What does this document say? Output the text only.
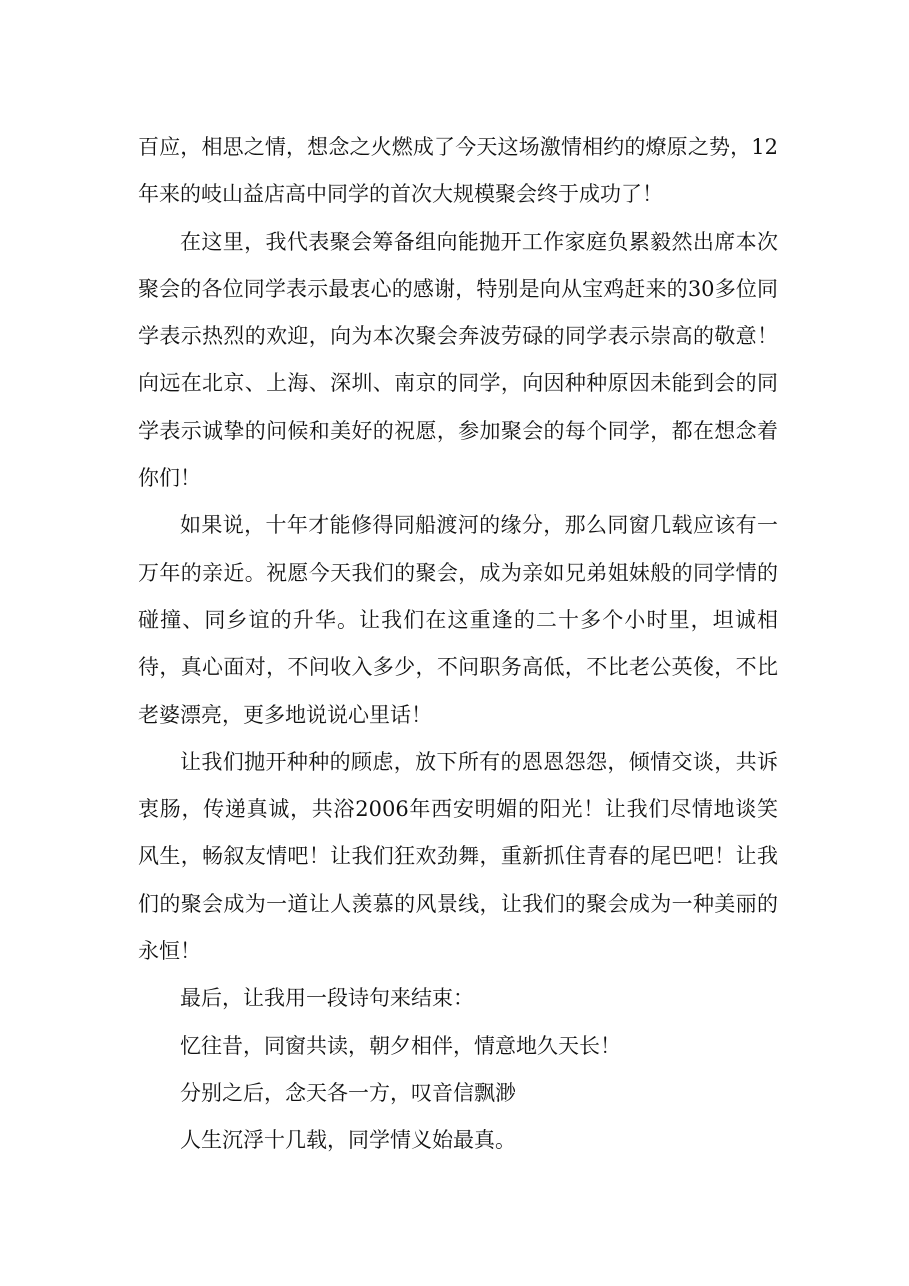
百应，相思之情，想念之火燃成了今天这场激情相约的燎原之势，12年来的岐山益店高中同学的首次大规模聚会终于成功了！

在这里，我代表聚会筹备组向能抛开工作家庭负累毅然出席本次聚会的各位同学表示最衷心的感谢，特别是向从宝鸡赶来的30多位同学表示热烈的欢迎，向为本次聚会奔波劳碌的同学表示崇高的敬意！向远在北京、上海、深圳、南京的同学，向因种种原因未能到会的同学表示诚挚的问候和美好的祝愿，参加聚会的每个同学，都在想念着你们！

如果说，十年才能修得同船渡河的缘分，那么同窗几载应该有一万年的亲近。祝愿今天我们的聚会，成为亲如兄弟姐妹般的同学情的碰撞、同乡谊的升华。让我们在这重逢的二十多个小时里，坦诚相待，真心面对，不问收入多少，不问职务高低，不比老公英俊，不比老婆漂亮，更多地说说心里话！

让我们抛开种种的顾虑，放下所有的恩恩怨怨，倾情交谈，共诉衷肠，传递真诚，共浴2006年西安明媚的阳光！让我们尽情地谈笑风生，畅叙友情吧！让我们狂欢劲舞，重新抓住青春的尾巴吧！让我们的聚会成为一道让人羡慕的风景线，让我们的聚会成为一种美丽的永恒！

最后，让我用一段诗句来结束：

忆往昔，同窗共读，朝夕相伴，情意地久天长！

分别之后，念天各一方，叹音信飘渺

人生沉浮十几载，同学情义始最真。
